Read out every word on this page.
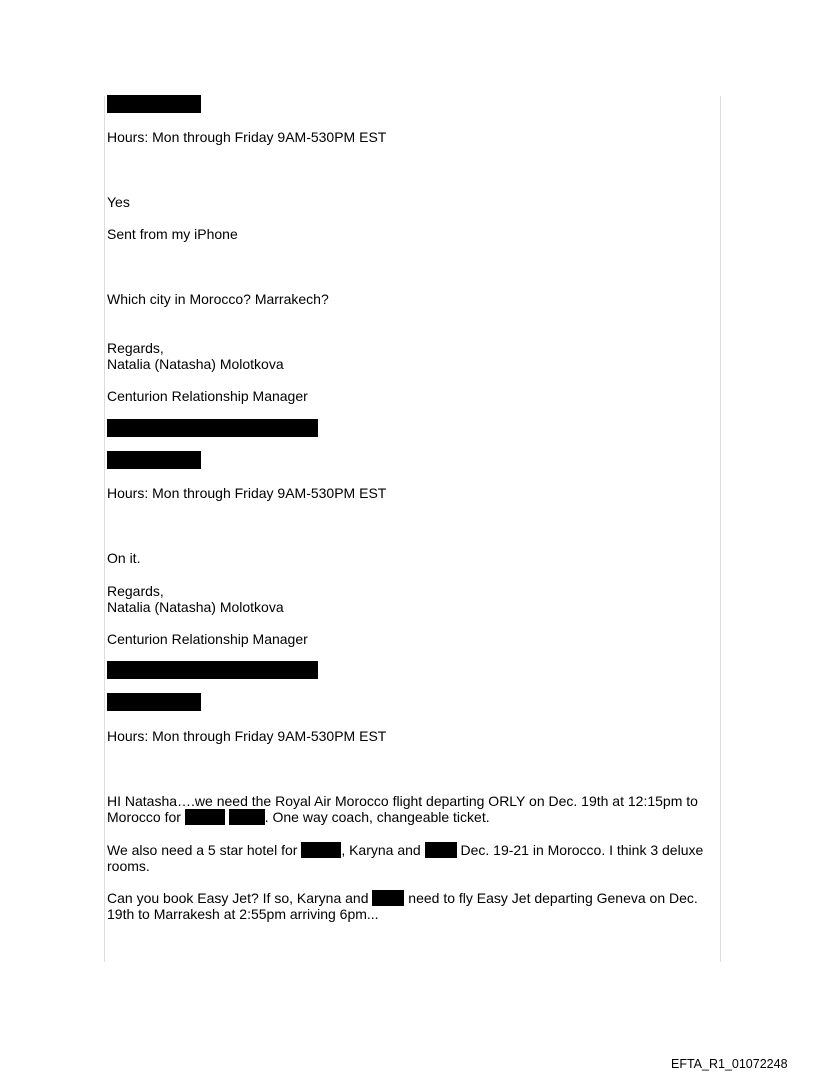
Hours: Mon through Friday 9AM-530PM EST
Yes
Sent from my iPhone
Which city in Morocco? Marrakech?
Regards,
Natalia (Natasha) Molotkova
Centurion Relationship Manager
Hours: Mon through Friday 9AM-530PM EST
On it.
Regards,
Natalia (Natasha) Molotkova
Centurion Relationship Manager
Hours: Mon through Friday 9AM-530PM EST
HI Natasha….we need the Royal Air Morocco flight departing ORLY on Dec. 19th at 12:15pm to
Morocco for	. One way coach, changeable ticket.
We also need a 5 star hotel for	, Karyna and	Dec. 19-21 in Morocco. I think 3 deluxe
rooms.
Can you book Easy Jet? If so, Karyna and	need to fly Easy Jet departing Geneva on Dec.
19th to Marrakesh at 2:55pm arriving 6pm...
EFTA_R1_01072248
